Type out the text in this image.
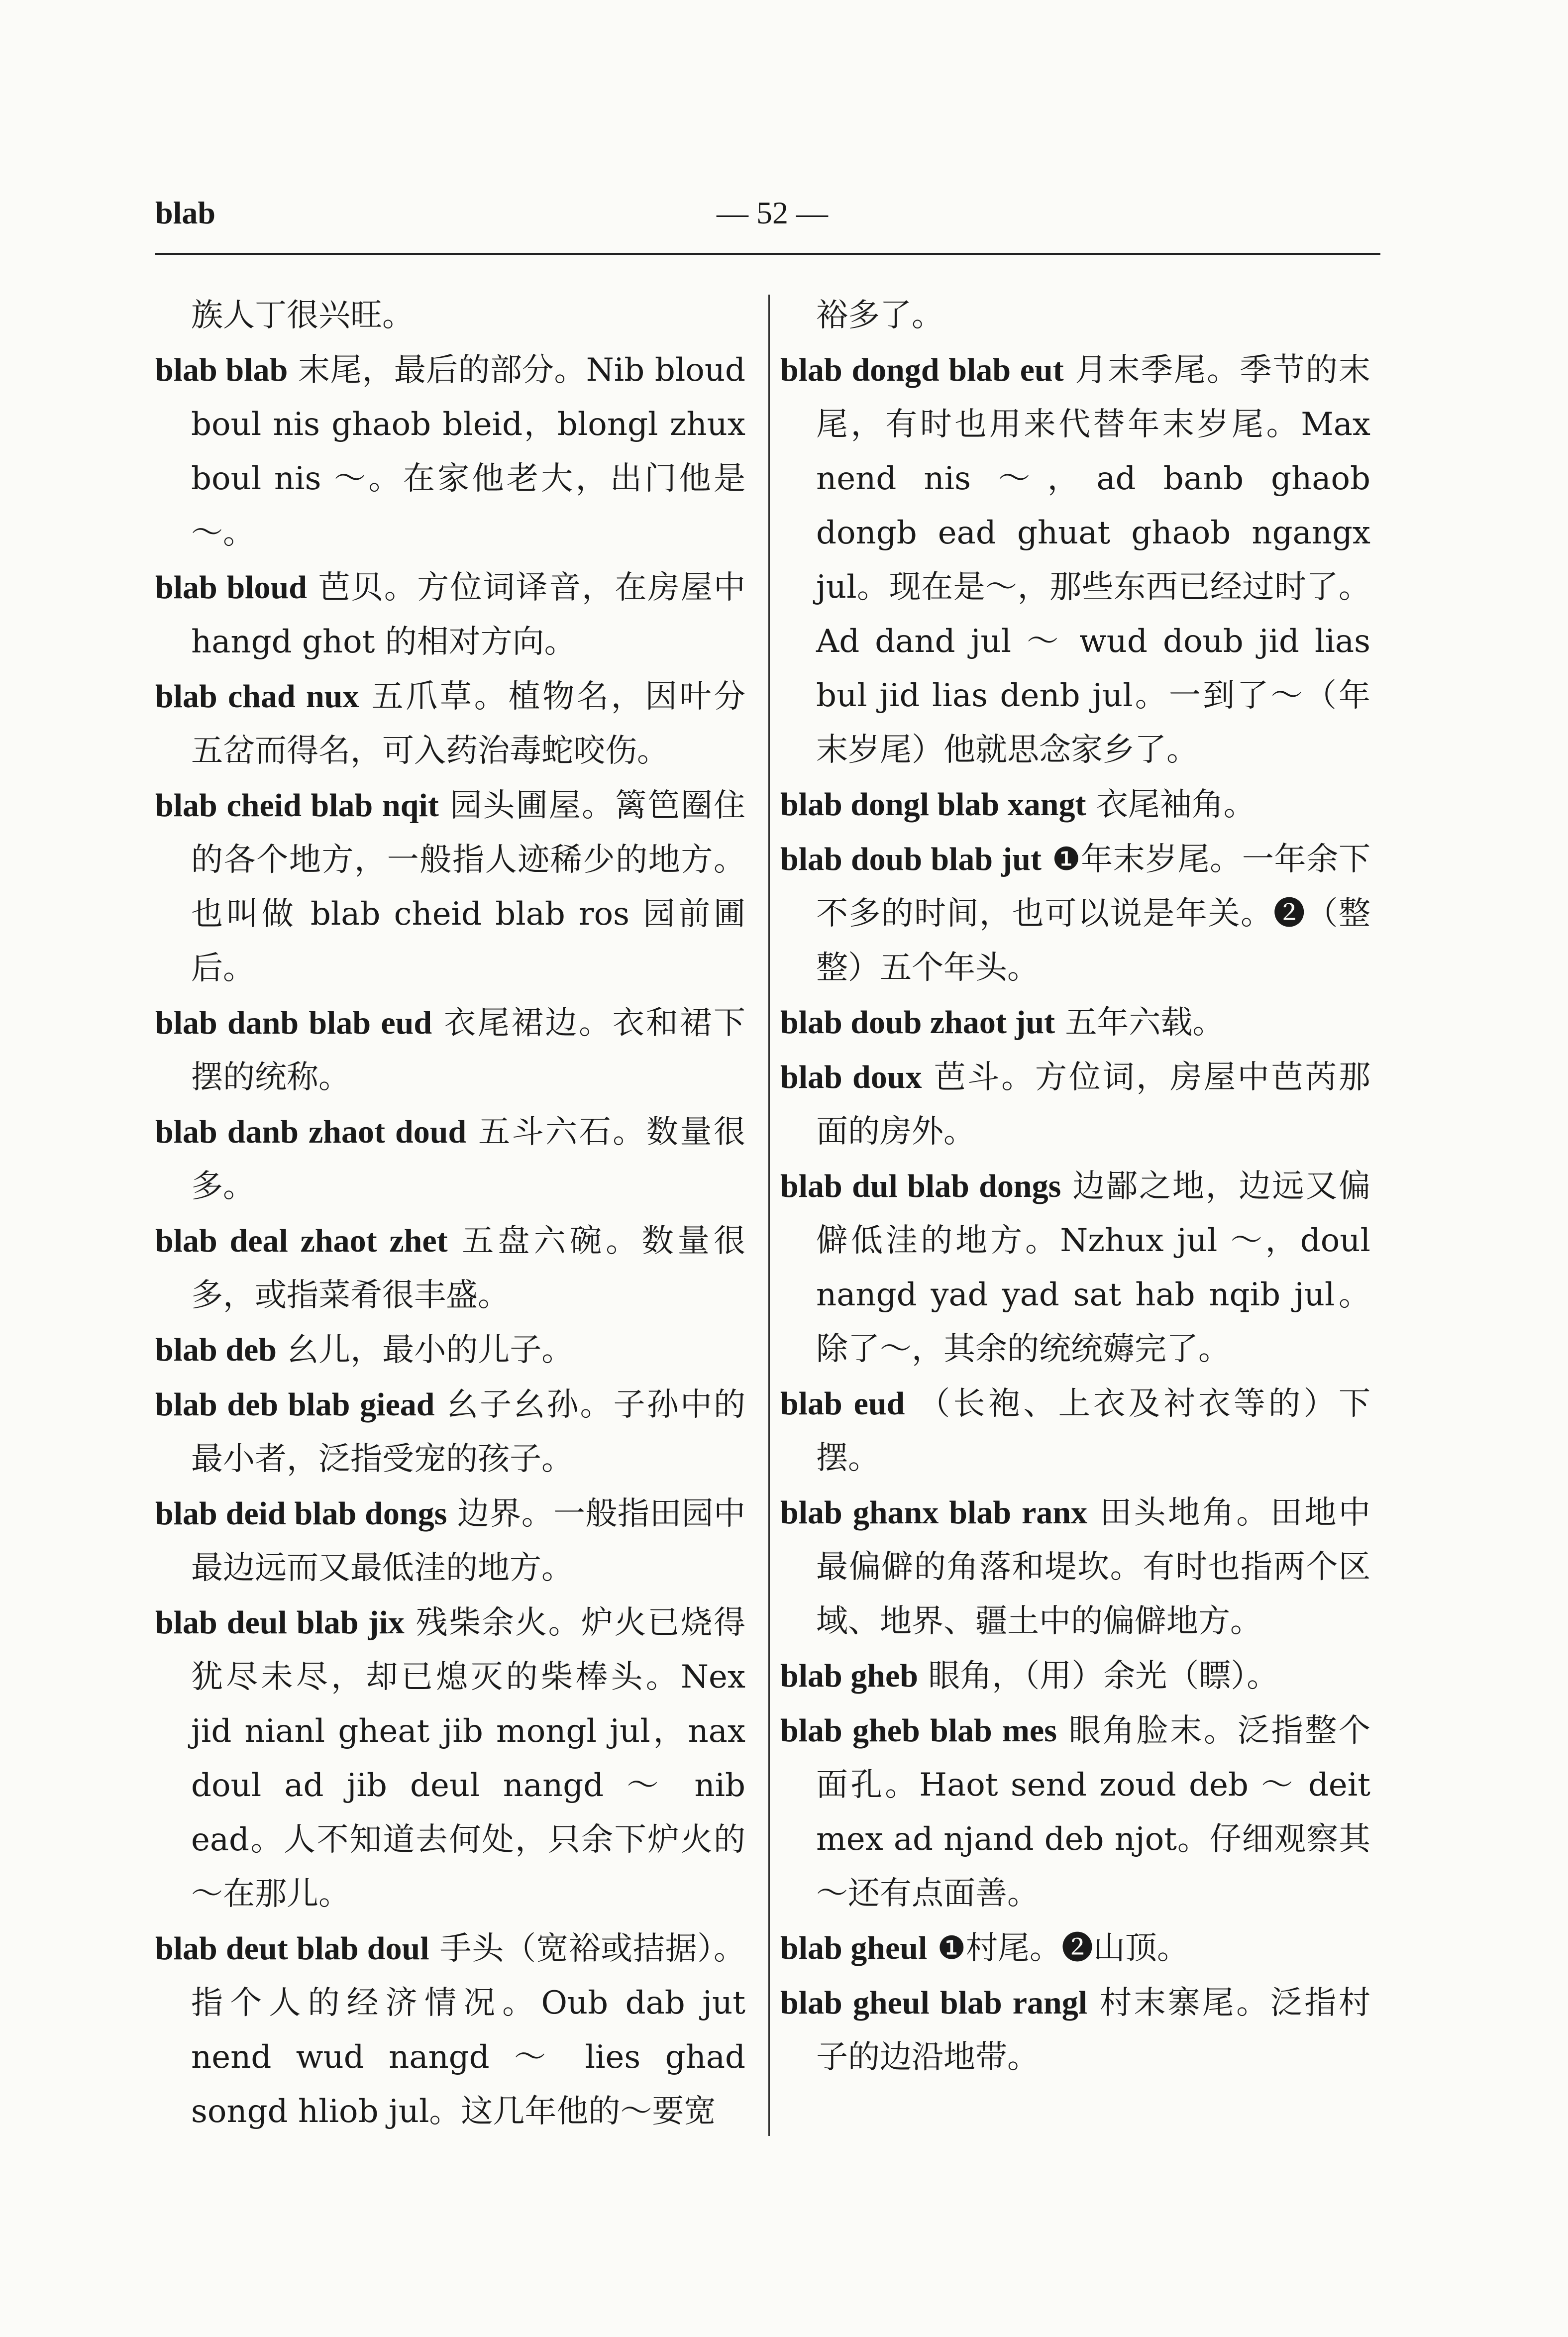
blab	— 52 —

族人丁很兴旺。

blab blab 末尾，最后的部分。Nib bloud boul nis ghaob bleid，blongl zhux boul nis ～。在家他老大，出门他是～。

blab bloud 芭贝。方位词译音，在房屋中 hangd ghot 的相对方向。

blab chad nux 五爪草。植物名，因叶分五岔而得名，可入药治毒蛇咬伤。

blab cheid blab nqit 园头圃屋。篱笆圈住的各个地方，一般指人迹稀少的地方。也叫做 blab cheid blab ros 园前圃后。

blab danb blab eud 衣尾裙边。衣和裙下摆的统称。

blab danb zhaot doud 五斗六石。数量很多。

blab deal zhaot zhet 五盘六碗。数量很多，或指菜肴很丰盛。

blab deb 幺儿，最小的儿子。

blab deb blab giead 幺子幺孙。子孙中的最小者，泛指受宠的孩子。

blab deid blab dongs 边界。一般指田园中最边远而又最低洼的地方。

blab deul blab jix 残柴余火。炉火已烧得犹尽未尽，却已熄灭的柴棒头。Nex jid nianl gheat jib mongl jul，nax doul ad jib deul nangd ～ nib ead。人不知道去何处，只余下炉火的～在那儿。

blab deut blab doul 手头（宽裕或拮据）。指个人的经济情况。Oub dab jut nend wud nangd ～ lies ghad songd hliob jul。这几年他的～要宽

裕多了。

blab dongd blab eut 月末季尾。季节的末尾，有时也用来代替年末岁尾。Max nend nis ～，ad banb ghaob dongb ead ghuat ghaob ngangx jul。现在是～，那些东西已经过时了。Ad dand jul ～ wud doub jid lias bul jid lias denb jul。一到了～（年末岁尾）他就思念家乡了。

blab dongl blab xangt 衣尾袖角。

blab doub blab jut ❶年末岁尾。一年余下不多的时间，也可以说是年关。❷（整整）五个年头。

blab doub zhaot jut 五年六载。

blab doux 芭斗。方位词，房屋中芭芮那面的房外。

blab dul blab dongs 边鄙之地，边远又偏僻低洼的地方。Nzhux jul ～，doul nangd yad yad sat hab nqib jul。除了～，其余的统统薅完了。

blab eud （长袍、上衣及衬衣等的）下摆。

blab ghanx blab ranx 田头地角。田地中最偏僻的角落和堤坎。有时也指两个区域、地界、疆土中的偏僻地方。

blab gheb 眼角，（用）余光（瞟）。

blab gheb blab mes 眼角脸末。泛指整个面孔。Haot send zoud deb ～ deit mex ad njand deb njot。仔细观察其～还有点面善。

blab gheul ❶村尾。❷山顶。

blab gheul blab rangl 村末寨尾。泛指村子的边沿地带。
